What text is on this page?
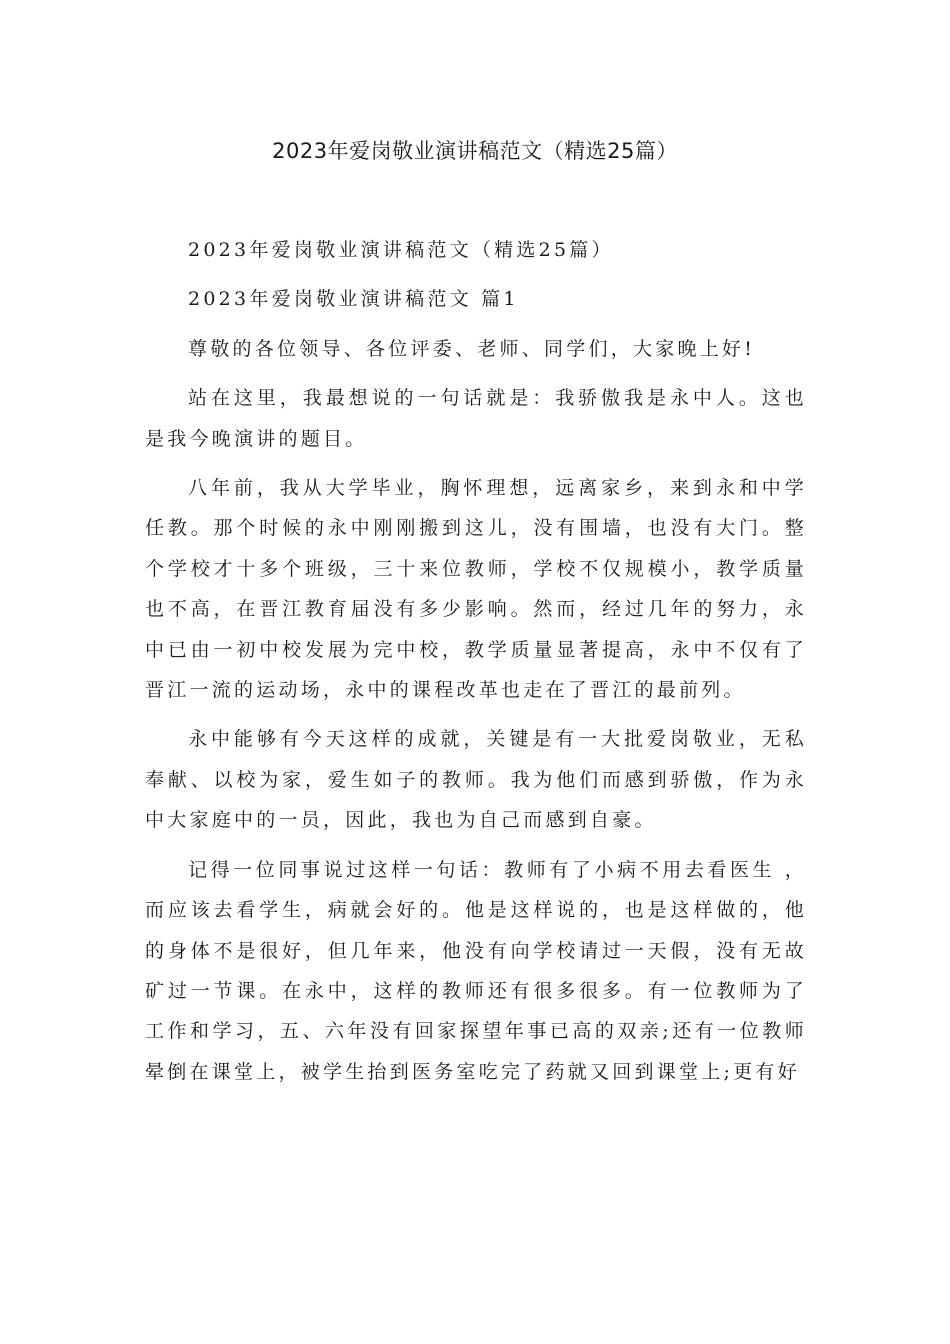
2023年爱岗敬业演讲稿范文（精选25篇）

2023年爱岗敬业演讲稿范文（精选25篇）

2023年爱岗敬业演讲稿范文 篇1

尊敬的各位领导、各位评委、老师、同学们，大家晚上好!

站在这里，我最想说的一句话就是：我骄傲我是永中人。这也是我今晚演讲的题目。

八年前，我从大学毕业，胸怀理想，远离家乡，来到永和中学任教。那个时候的永中刚刚搬到这儿，没有围墙，也没有大门。整个学校才十多个班级，三十来位教师，学校不仅规模小，教学质量也不高，在晋江教育届没有多少影响。然而，经过几年的努力，永中已由一初中校发展为完中校，教学质量显著提高，永中不仅有了晋江一流的运动场，永中的课程改革也走在了晋江的最前列。

永中能够有今天这样的成就，关键是有一大批爱岗敬业，无私奉献、以校为家，爱生如子的教师。我为他们而感到骄傲，作为永中大家庭中的一员，因此，我也为自己而感到自豪。

记得一位同事说过这样一句话：教师有了小病不用去看医生 ，而应该去看学生，病就会好的。他是这样说的，也是这样做的，他的身体不是很好，但几年来，他没有向学校请过一天假，没有无故矿过一节课。在永中，这样的教师还有很多很多。有一位教师为了工作和学习，五、六年没有回家探望年事已高的双亲;还有一位教师晕倒在课堂上，被学生抬到医务室吃完了药就又回到课堂上;更有好
